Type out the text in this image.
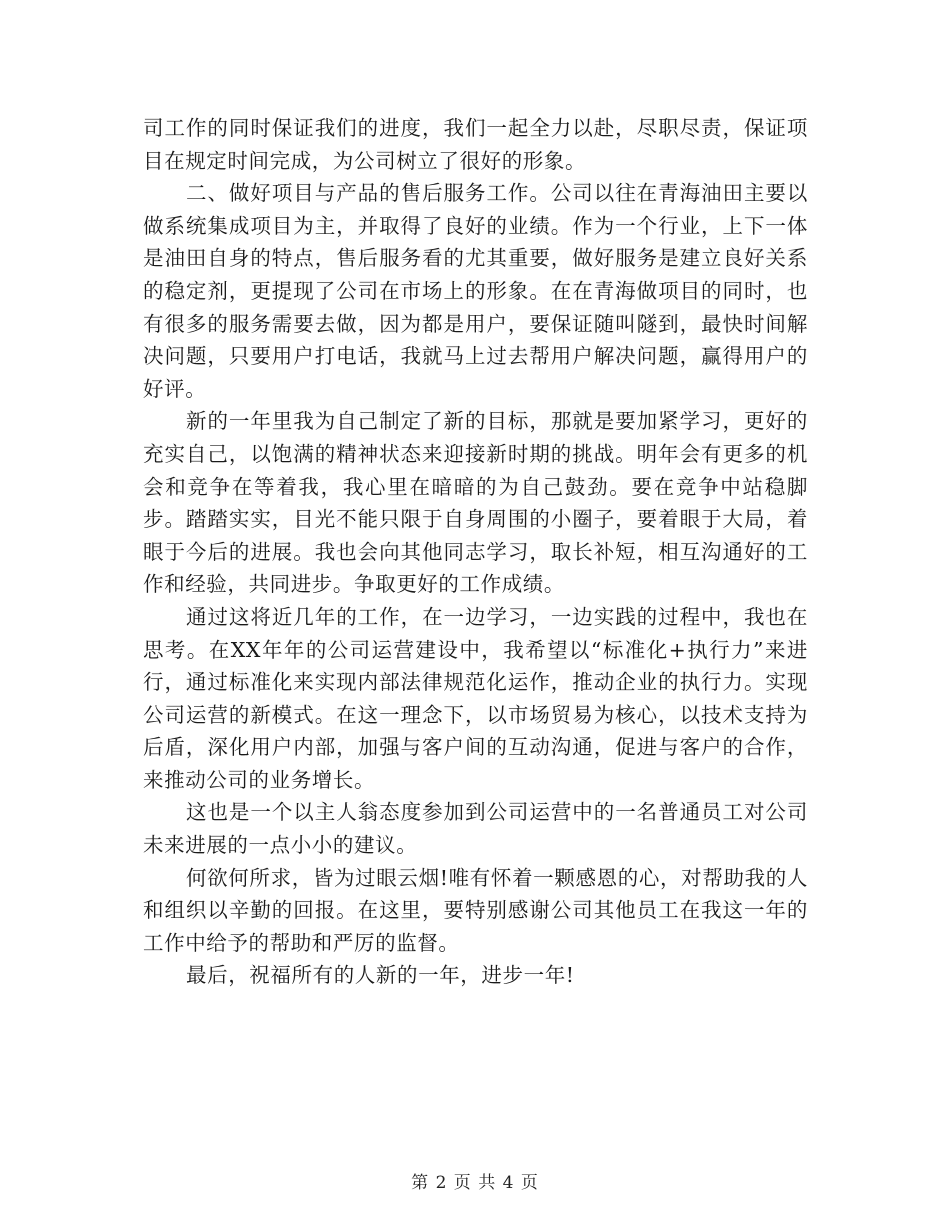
司工作的同时保证我们的进度，我们一起全力以赴，尽职尽责，保证项目在规定时间完成，为公司树立了很好的形象。

二、做好项目与产品的售后服务工作。公司以往在青海油田主要以做系统集成项目为主，并取得了良好的业绩。作为一个行业，上下一体是油田自身的特点，售后服务看的尤其重要，做好服务是建立良好关系的稳定剂，更提现了公司在市场上的形象。在在青海做项目的同时，也有很多的服务需要去做，因为都是用户，要保证随叫隧到，最快时间解决问题，只要用户打电话，我就马上过去帮用户解决问题，赢得用户的好评。

新的一年里我为自己制定了新的目标，那就是要加紧学习，更好的充实自己，以饱满的精神状态来迎接新时期的挑战。明年会有更多的机会和竞争在等着我，我心里在暗暗的为自己鼓劲。要在竞争中站稳脚步。踏踏实实，目光不能只限于自身周围的小圈子，要着眼于大局，着眼于今后的进展。我也会向其他同志学习，取长补短，相互沟通好的工作和经验，共同进步。争取更好的工作成绩。

通过这将近几年的工作，在一边学习，一边实践的过程中，我也在思考。在XX年年的公司运营建设中，我希望以“标准化+执行力”来进行，通过标准化来实现内部法律规范化运作，推动企业的执行力。实现公司运营的新模式。在这一理念下，以市场贸易为核心，以技术支持为后盾，深化用户内部，加强与客户间的互动沟通，促进与客户的合作，来推动公司的业务增长。

这也是一个以主人翁态度参加到公司运营中的一名普通员工对公司未来进展的一点小小的建议。

何欲何所求，皆为过眼云烟!唯有怀着一颗感恩的心，对帮助我的人和组织以辛勤的回报。在这里，要特别感谢公司其他员工在我这一年的工作中给予的帮助和严厉的监督。

最后，祝福所有的人新的一年，进步一年!

第 2 页 共 4 页
